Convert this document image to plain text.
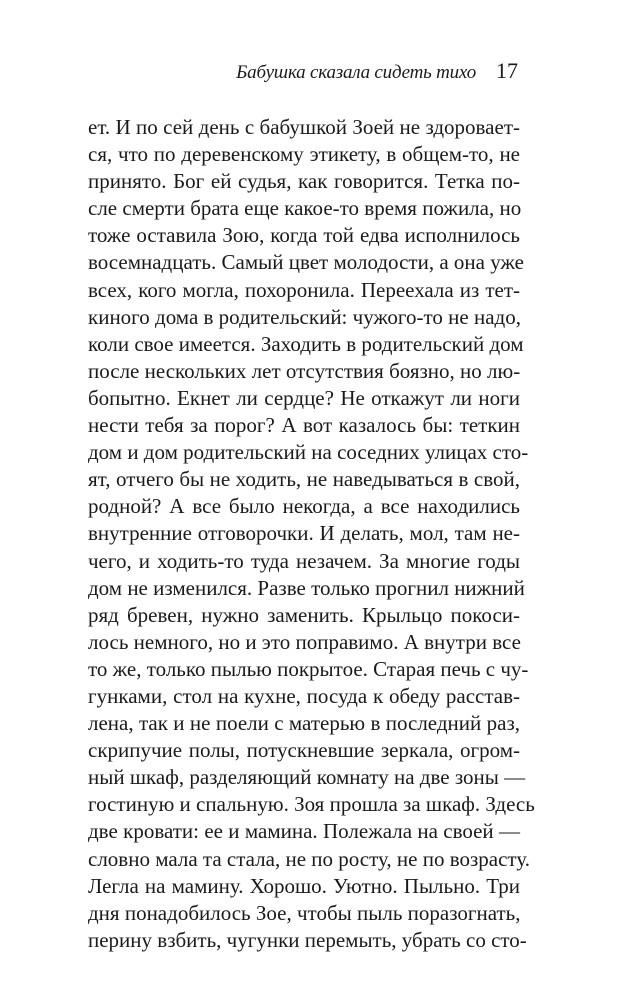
Бабушка сказала сидеть тихо 17
ет. И по сей день с бабушкой Зоей не здоровает-
ся, что по деревенскому этикету, в общем-то, не
принято. Бог ей судья, как говорится. Тетка по-
сле смерти брата еще какое-то время пожила, но
тоже оставила Зою, когда той едва исполнилось
восемнадцать. Самый цвет молодости, а она уже
всех, кого могла, похоронила. Переехала из тет-
киного дома в родительский: чужого-то не надо,
коли свое имеется. Заходить в родительский дом
после нескольких лет отсутствия боязно, но лю-
бопытно. Екнет ли сердце? Не откажут ли ноги
нести тебя за порог? А вот казалось бы: теткин
дом и дом родительский на соседних улицах сто-
ят, отчего бы не ходить, не наведываться в свой,
родной? А все было некогда, а все находились
внутренние отговорочки. И делать, мол, там не-
чего, и ходить-то туда незачем. За многие годы
дом не изменился. Разве только прогнил нижний
ряд бревен, нужно заменить. Крыльцо покоси-
лось немного, но и это поправимо. А внутри все
то же, только пылью покрытое. Старая печь с чу-
гунками, стол на кухне, посуда к обеду расстав-
лена, так и не поели с матерью в последний раз,
скрипучие полы, потускневшие зеркала, огром-
ный шкаф, разделяющий комнату на две зоны —
гостиную и спальную. Зоя прошла за шкаф. Здесь
две кровати: ее и мамина. Полежала на своей —
словно мала та стала, не по росту, не по возрасту.
Легла на мамину. Хорошо. Уютно. Пыльно. Три
дня понадобилось Зое, чтобы пыль поразогнать,
перину взбить, чугунки перемыть, убрать со сто-
